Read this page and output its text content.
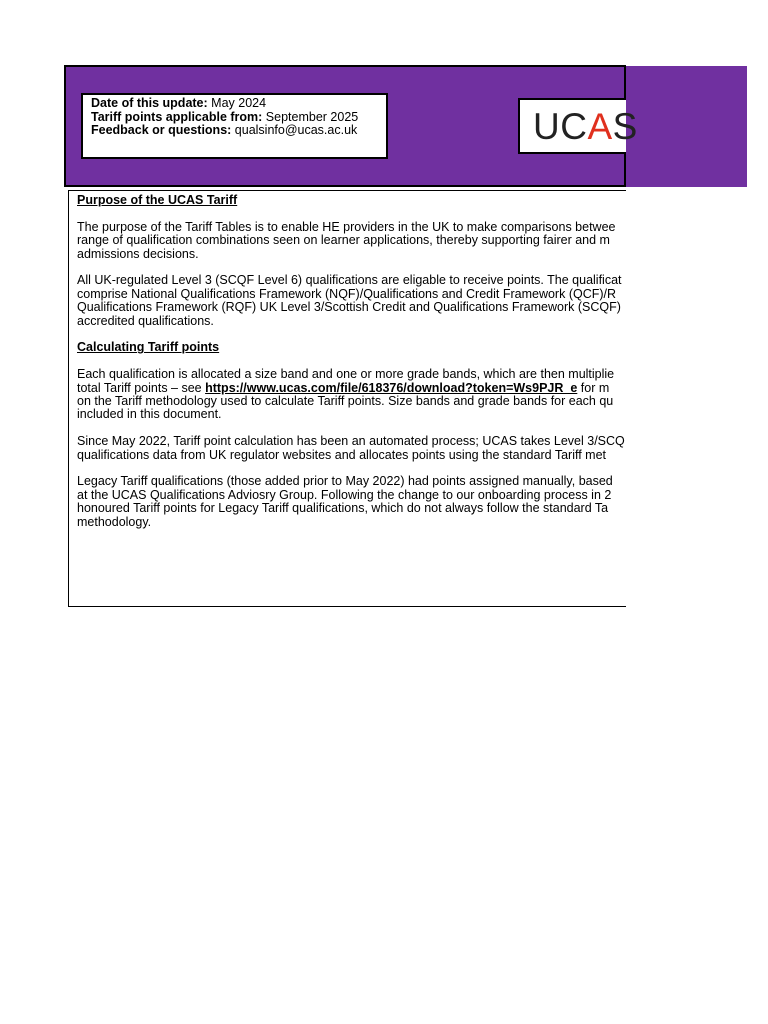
Date of this update: May 2024
Tariff points applicable from: September 2025
Feedback or questions: qualsinfo@ucas.ac.uk	UCAS
Purpose of the UCAS Tariff
The purpose of the Tariff Tables is to enable HE providers in the UK to make comparisons betwee
range of qualification combinations seen on learner applications, thereby supporting fairer and m
admissions decisions.
All UK-regulated Level 3 (SCQF Level 6) qualifications are eligable to receive points. The qualificat
comprise National Qualifications Framework (NQF)/Qualifications and Credit Framework (QCF)/R
Qualifications Framework (RQF) UK Level 3/Scottish Credit and Qualifications Framework (SCQF)
accredited qualifications.
Calculating Tariff points
Each qualification is allocated a size band and one or more grade bands, which are then multiplie
total Tariff points – see https://www.ucas.com/file/618376/download?token=Ws9PJR_e for m
on the Tariff methodology used to calculate Tariff points. Size bands and grade bands for each qu
included in this document.
Since May 2022, Tariff point calculation has been an automated process; UCAS takes Level 3/SCQ
qualifications data from UK regulator websites and allocates points using the standard Tariff met
Legacy Tariff qualifications (those added prior to May 2022) had points assigned manually, based
at the UCAS Qualifications Adviosry Group. Following the change to our onboarding process in 2
honoured Tariff points for Legacy Tariff qualifications, which do not always follow the standard Ta
methodology.
